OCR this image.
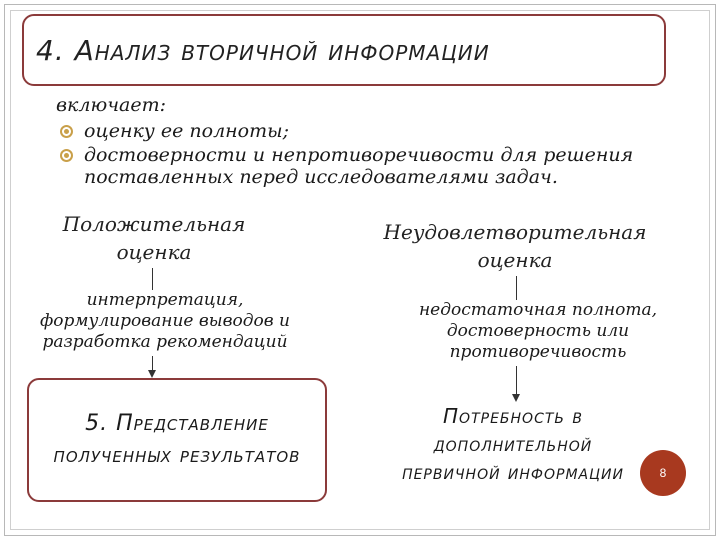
4. Анализ вторичной информации
включает:
оценку ее полноты;
достоверности и непротиворечивости для решения поставленных перед исследователями задач.
Положительная оценка
Неудовлетворительная оценка
интерпретация, формулирование выводов и разработка рекомендаций
недостаточная полнота, достоверность или противоречивость
5. Представление полученных результатов
Потребность в дополнительной первичной информации	8
